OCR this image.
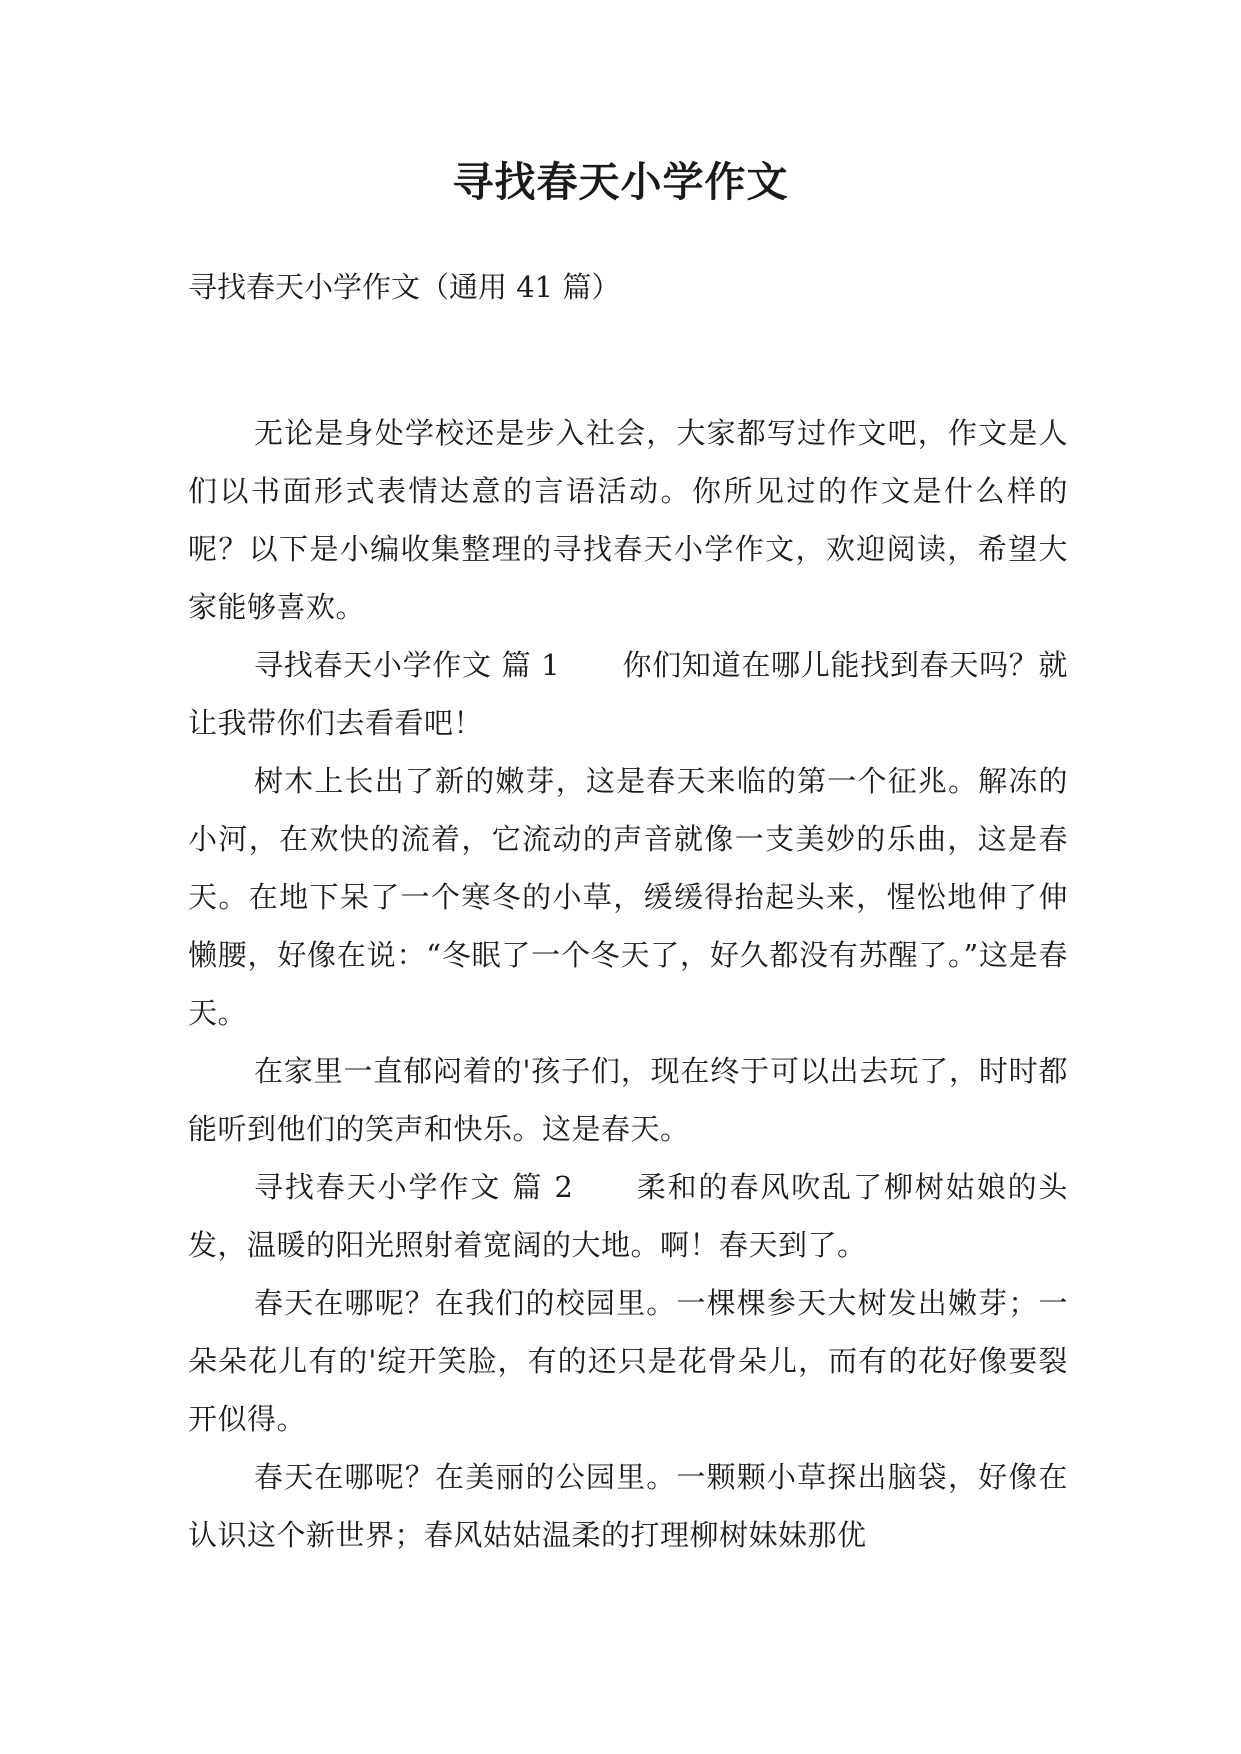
寻找春天小学作文

寻找春天小学作文（通用 41 篇）

无论是身处学校还是步入社会，大家都写过作文吧，作文是人们以书面形式表情达意的言语活动。你所见过的作文是什么样的呢？以下是小编收集整理的寻找春天小学作文，欢迎阅读，希望大家能够喜欢。

寻找春天小学作文 篇 1 你们知道在哪儿能找到春天吗？就让我带你们去看看吧！

树木上长出了新的嫩芽，这是春天来临的第一个征兆。解冻的小河，在欢快的流着，它流动的声音就像一支美妙的乐曲，这是春天。在地下呆了一个寒冬的小草，缓缓得抬起头来，惺忪地伸了伸懒腰，好像在说：“冬眠了一个冬天了，好久都没有苏醒了。”这是春天。

在家里一直郁闷着的'孩子们，现在终于可以出去玩了，时时都能听到他们的笑声和快乐。这是春天。

寻找春天小学作文 篇 2 柔和的春风吹乱了柳树姑娘的头发，温暖的阳光照射着宽阔的大地。啊！春天到了。

春天在哪呢？在我们的校园里。一棵棵参天大树发出嫩芽；一朵朵花儿有的'绽开笑脸，有的还只是花骨朵儿，而有的花好像要裂开似得。

春天在哪呢？在美丽的公园里。一颗颗小草探出脑袋，好像在认识这个新世界；春风姑姑温柔的打理柳树妹妹那优
